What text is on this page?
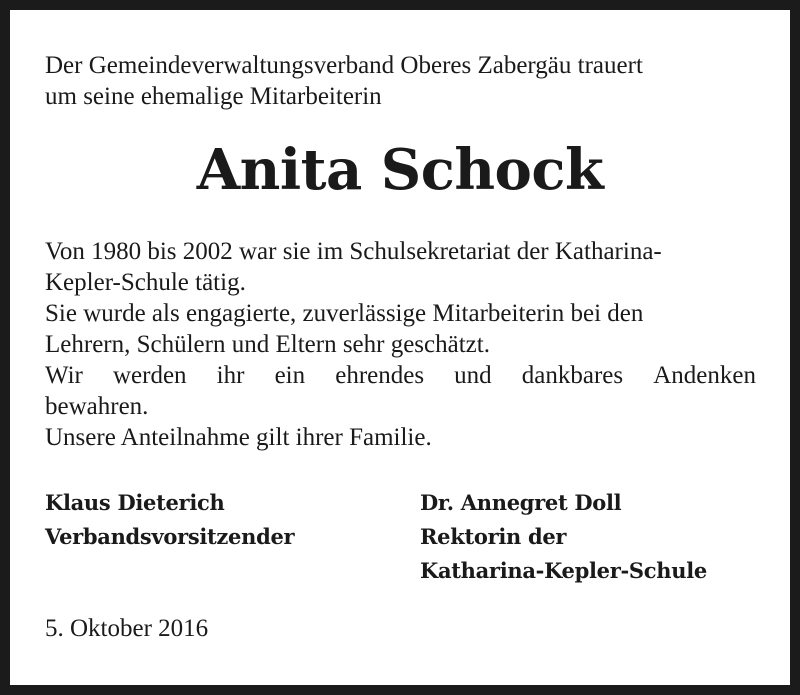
Der Gemeindeverwaltungsverband Oberes Zabergäu trauert
um seine ehemalige Mitarbeiterin
Anita Schock
Von 1980 bis 2002 war sie im Schulsekretariat der Katharina-
Kepler-Schule tätig.
Sie wurde als engagierte, zuverlässige Mitarbeiterin bei den
Lehrern, Schülern und Eltern sehr geschätzt.
Wir werden ihr ein ehrendes und dankbares Andenken
bewahren.
Unsere Anteilnahme gilt ihrer Familie.
Klaus Dieterich
Verbandsvorsitzender
Dr. Annegret Doll
Rektorin der
Katharina-Kepler-Schule
5. Oktober 2016
